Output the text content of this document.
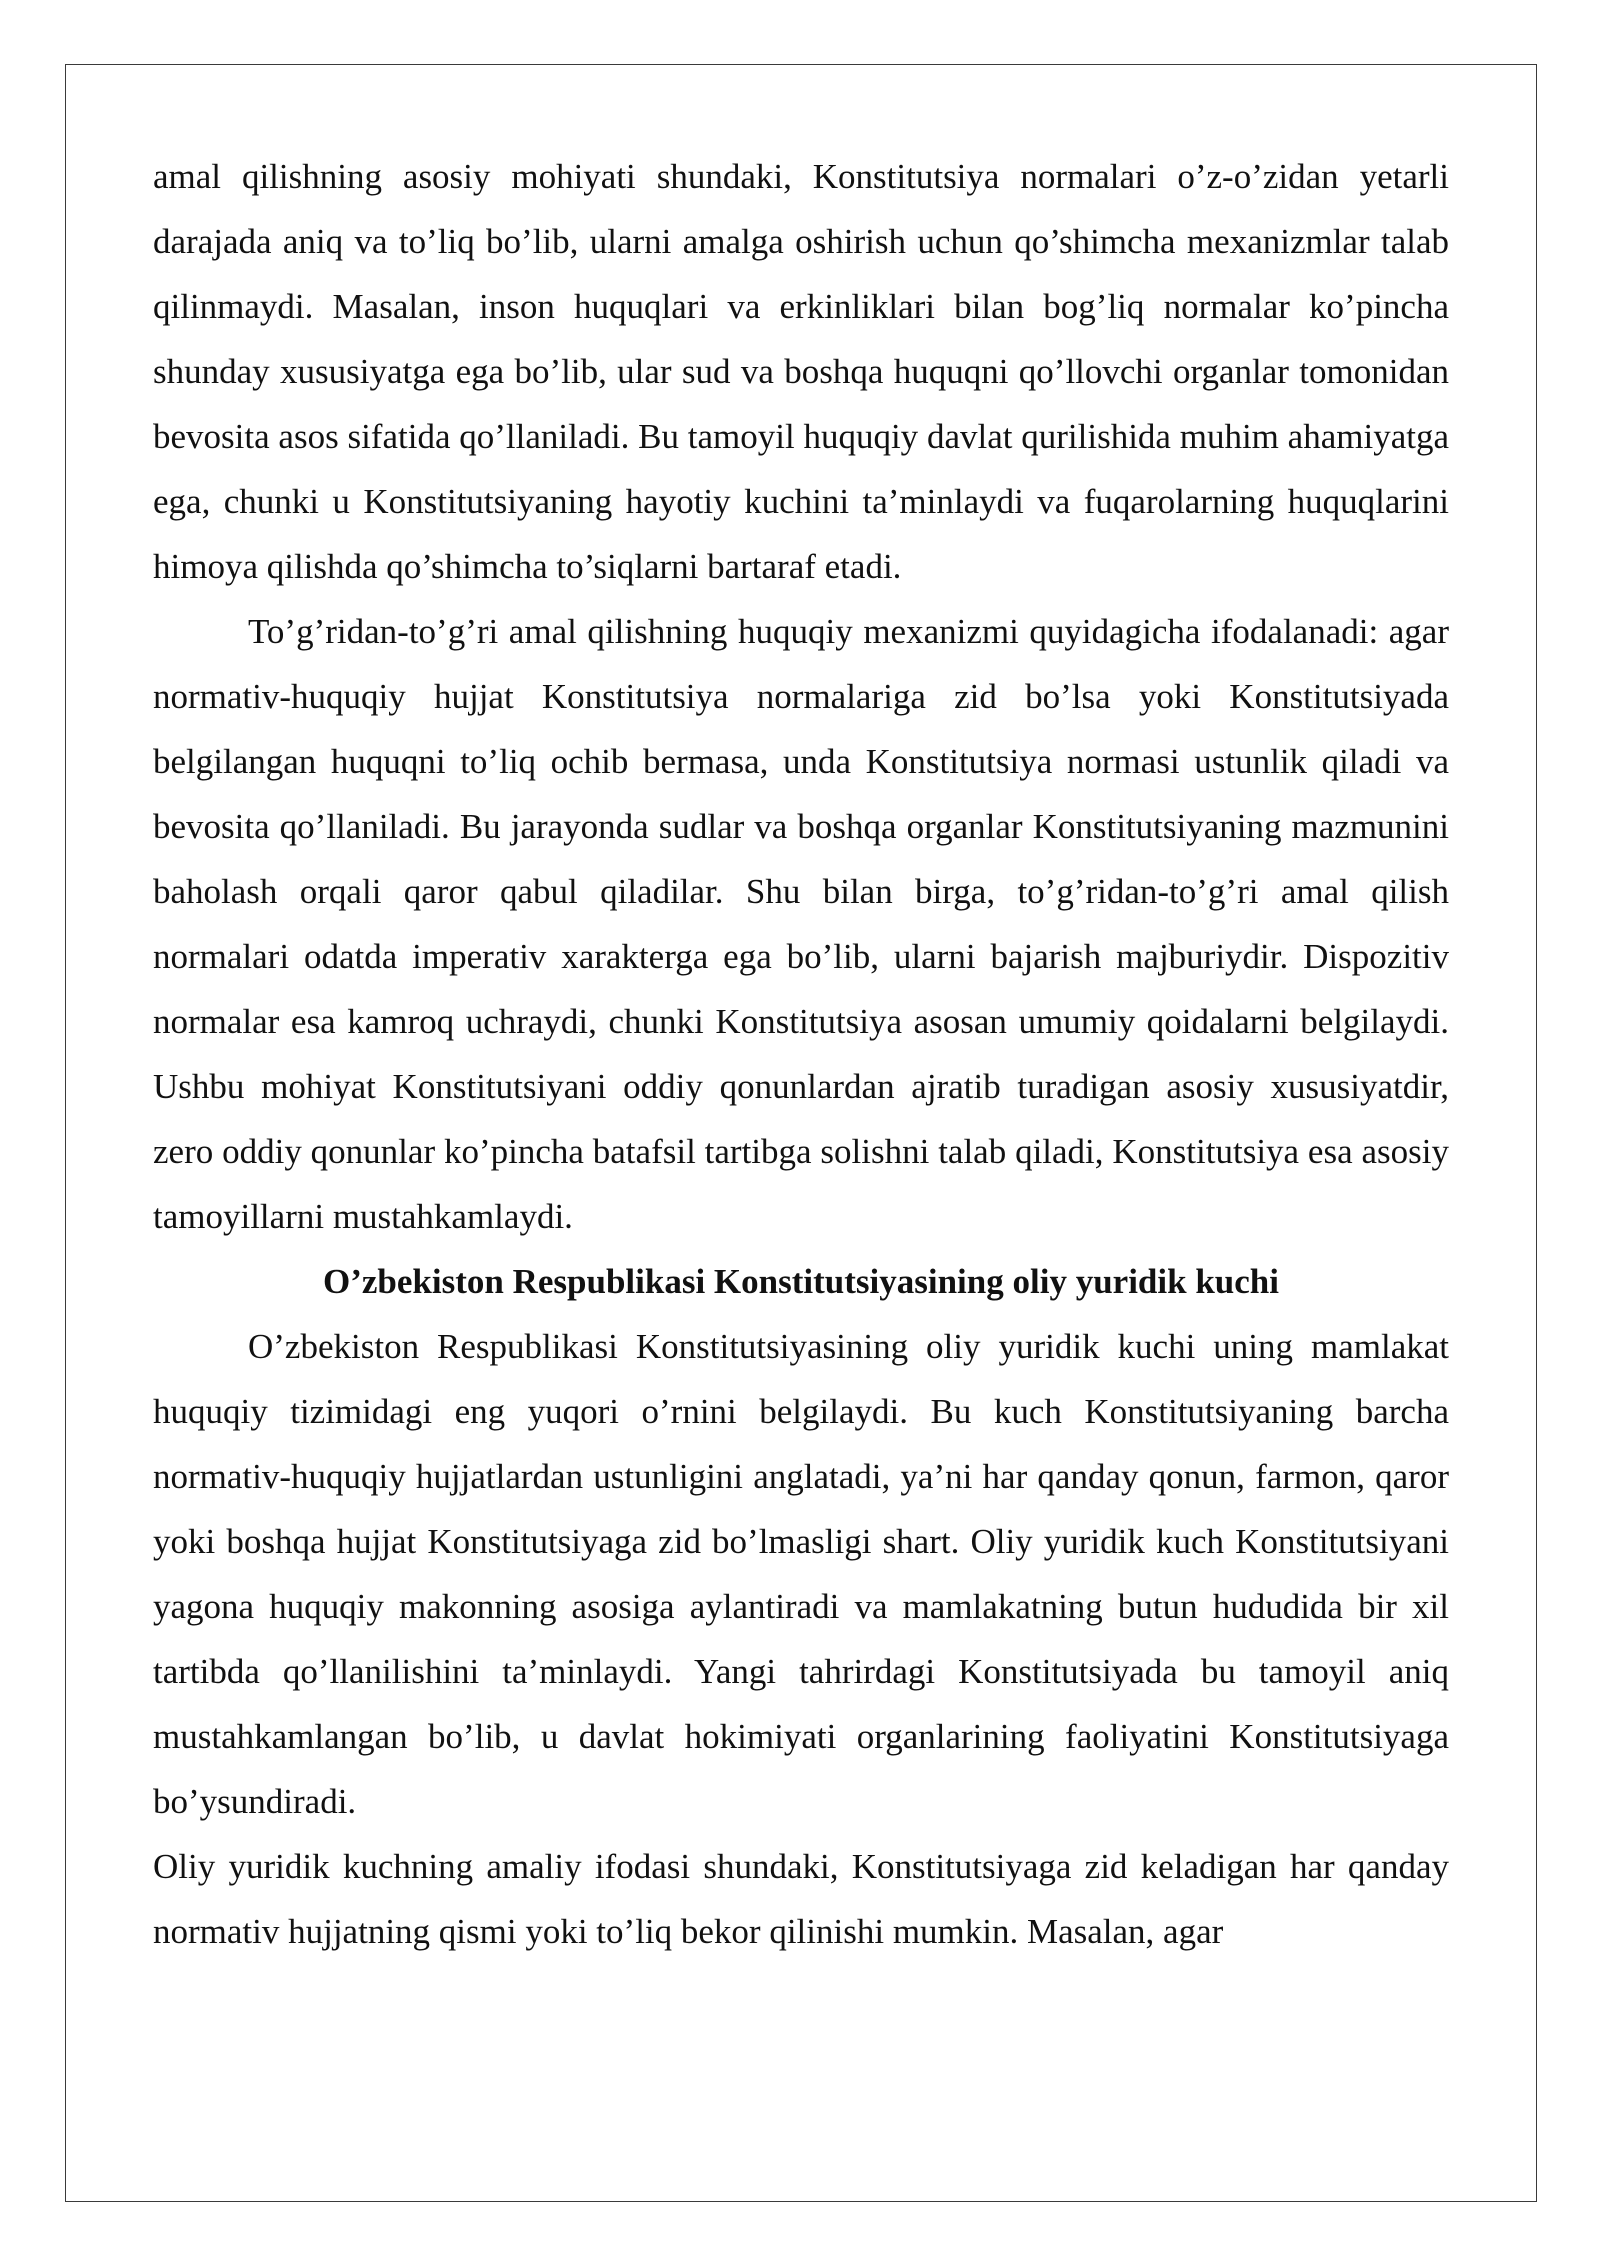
amal qilishning asosiy mohiyati shundaki, Konstitutsiya normalari o’z-o’zidan yetarli darajada aniq va to’liq bo’lib, ularni amalga oshirish uchun qo’shimcha mexanizmlar talab qilinmaydi. Masalan, inson huquqlari va erkinliklari bilan bog’liq normalar ko’pincha shunday xususiyatga ega bo’lib, ular sud va boshqa huquqni qo’llovchi organlar tomonidan bevosita asos sifatida qo’llaniladi. Bu tamoyil huquqiy davlat qurilishida muhim ahamiyatga ega, chunki u Konstitutsiyaning hayotiy kuchini ta’minlaydi va fuqarolarning huquqlarini himoya qilishda qo’shimcha to’siqlarni bartaraf etadi.

To’g’ridan-to’g’ri amal qilishning huquqiy mexanizmi quyidagicha ifodalanadi: agar normativ-huquqiy hujjat Konstitutsiya normalariga zid bo’lsa yoki Konstitutsiyada belgilangan huquqni to’liq ochib bermasa, unda Konstitutsiya normasi ustunlik qiladi va bevosita qo’llaniladi. Bu jarayonda sudlar va boshqa organlar Konstitutsiyaning mazmunini baholash orqali qaror qabul qiladilar. Shu bilan birga, to’g’ridan-to’g’ri amal qilish normalari odatda imperativ xarakterga ega bo’lib, ularni bajarish majburiydir. Dispozitiv normalar esa kamroq uchraydi, chunki Konstitutsiya asosan umumiy qoidalarni belgilaydi. Ushbu mohiyat Konstitutsiyani oddiy qonunlardan ajratib turadigan asosiy xususiyatdir, zero oddiy qonunlar ko’pincha batafsil tartibga solishni talab qiladi, Konstitutsiya esa asosiy tamoyillarni mustahkamlaydi.

O’zbekiston Respublikasi Konstitutsiyasining oliy yuridik kuchi

O’zbekiston Respublikasi Konstitutsiyasining oliy yuridik kuchi uning mamlakat huquqiy tizimidagi eng yuqori o’rnini belgilaydi. Bu kuch Konstitutsiyaning barcha normativ-huquqiy hujjatlardan ustunligini anglatadi, ya’ni har qanday qonun, farmon, qaror yoki boshqa hujjat Konstitutsiyaga zid bo’lmasligi shart. Oliy yuridik kuch Konstitutsiyani yagona huquqiy makonning asosiga aylantiradi va mamlakatning butun hududida bir xil tartibda qo’llanilishini ta’minlaydi. Yangi tahrirdagi Konstitutsiyada bu tamoyil aniq mustahkamlangan bo’lib, u davlat hokimiyati organlarining faoliyatini Konstitutsiyaga bo’ysundiradi.

Oliy yuridik kuchning amaliy ifodasi shundaki, Konstitutsiyaga zid keladigan har qanday normativ hujjatning qismi yoki to’liq bekor qilinishi mumkin. Masalan, agar
